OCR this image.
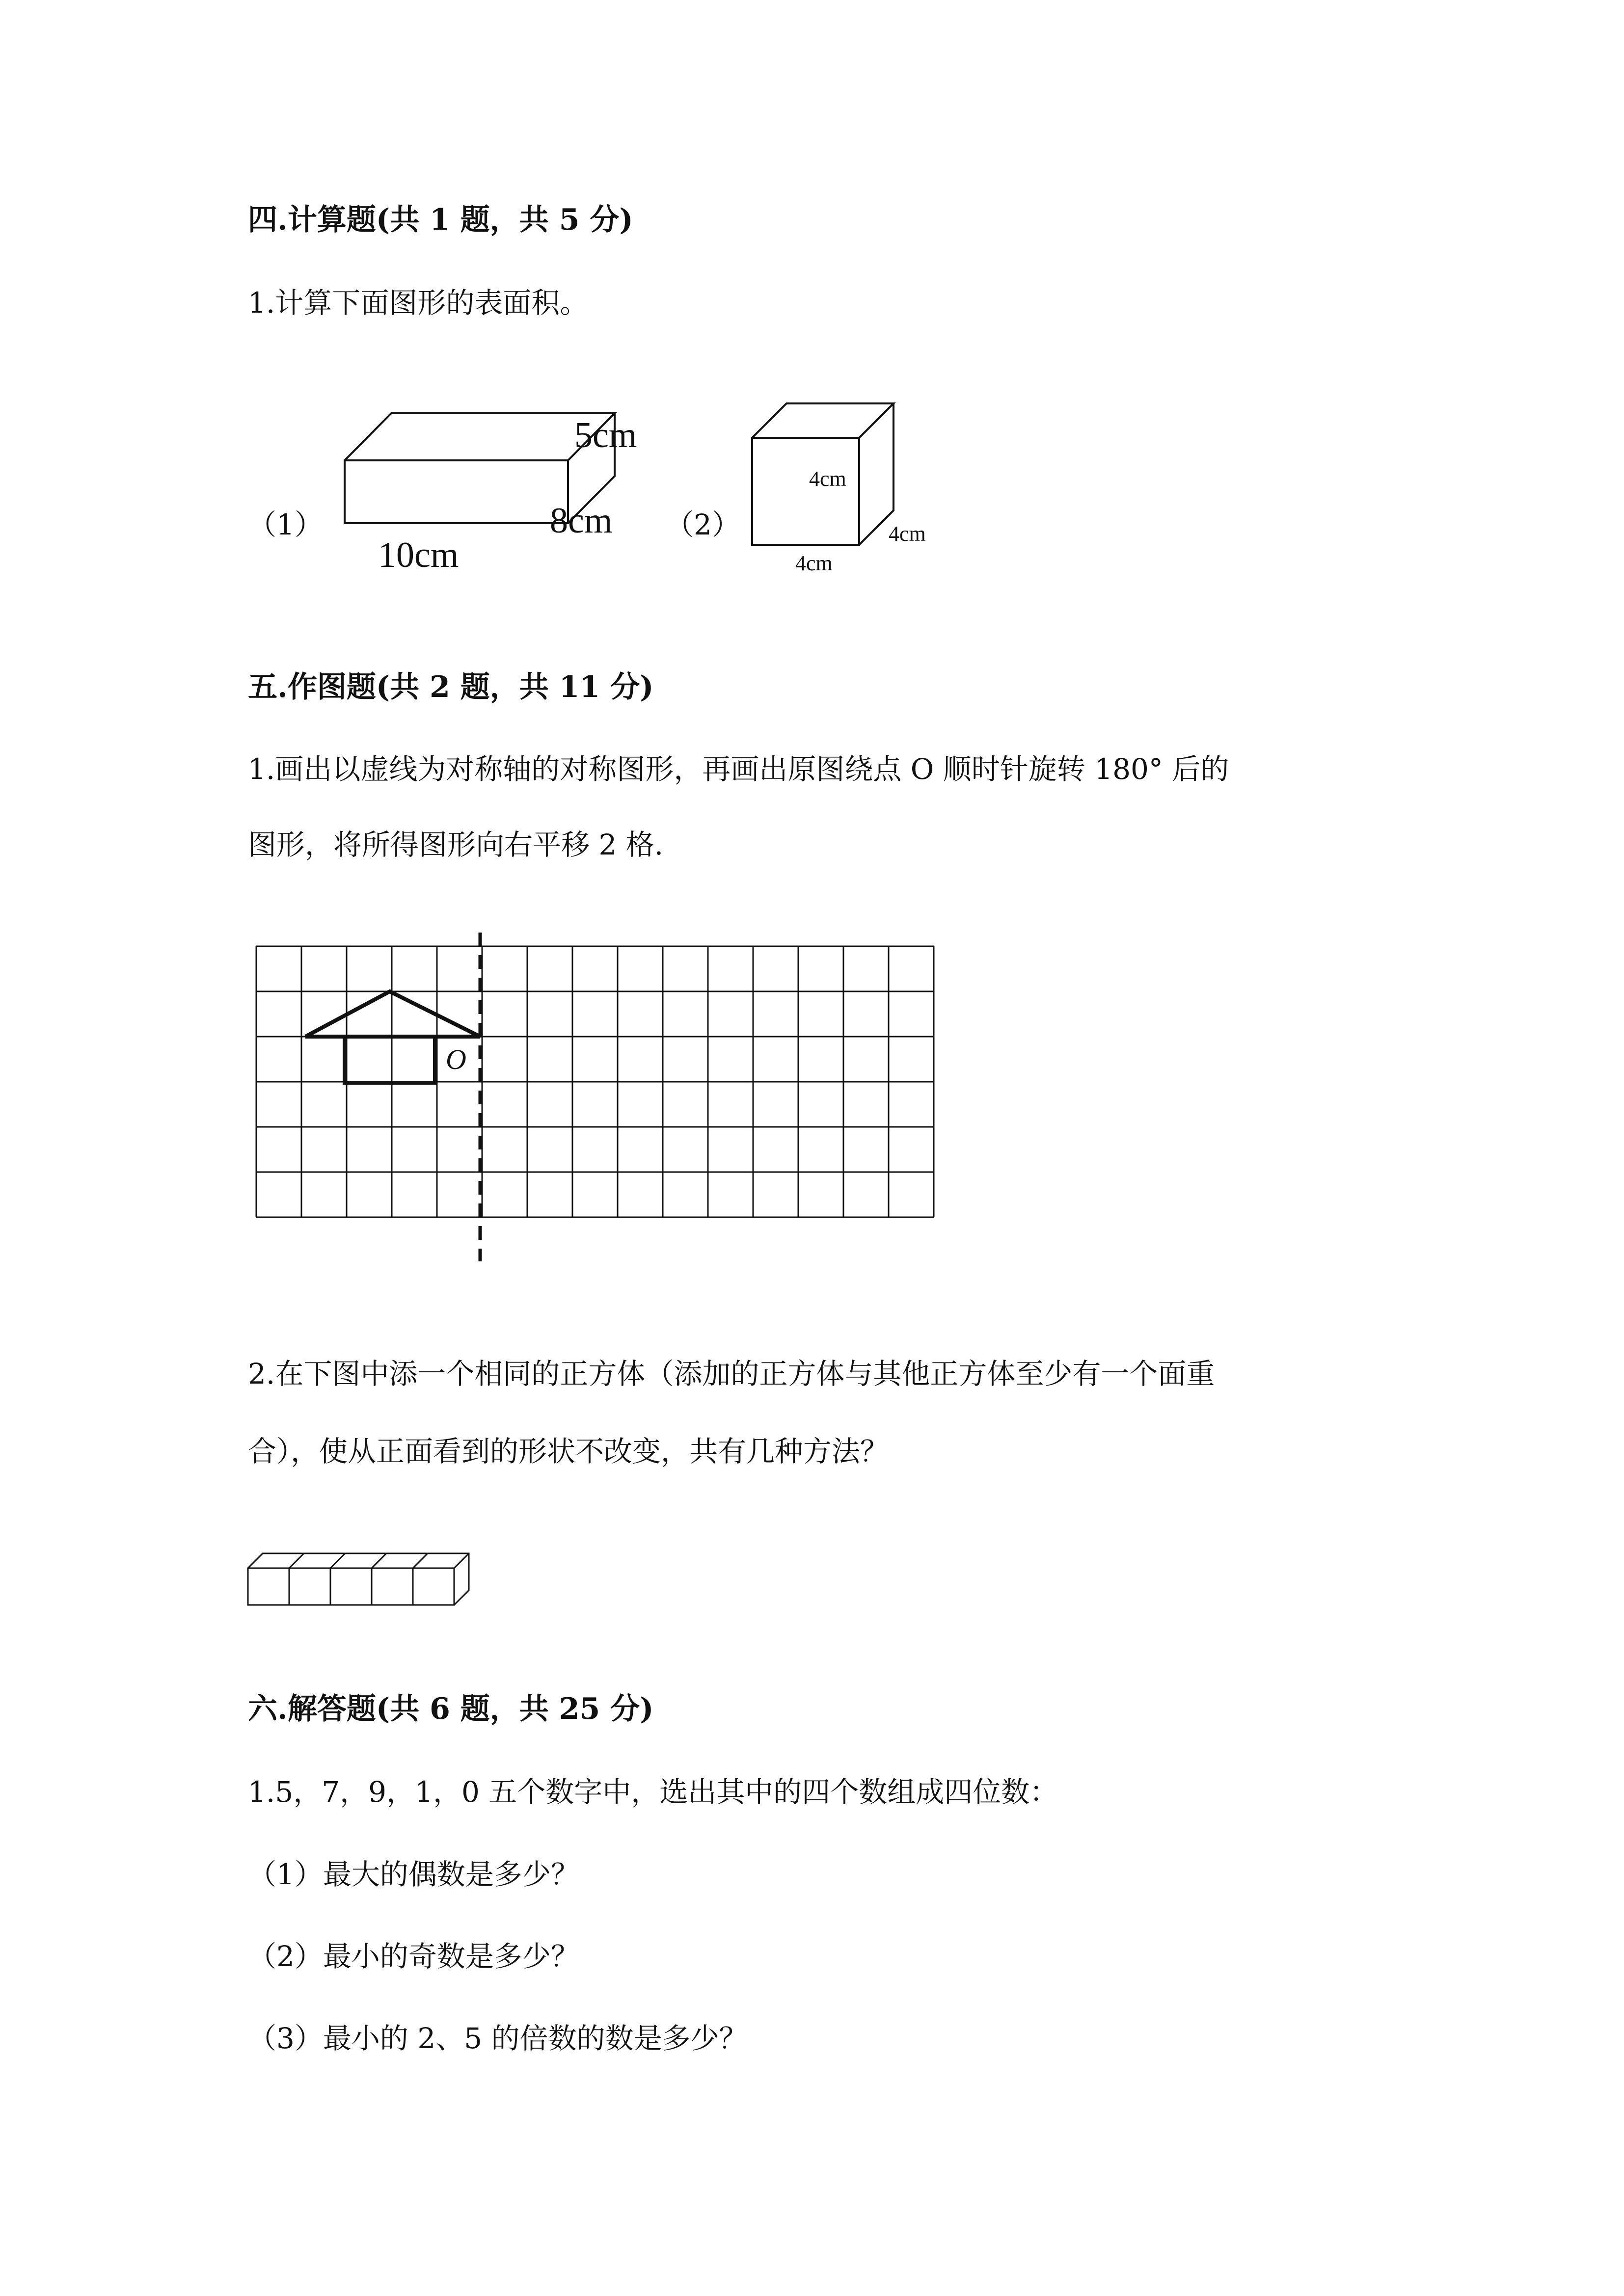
四.计算题(共 1 题，共 5 分)
1.计算下面图形的表面积。
（1）
5cm
8cm
10cm
（2）
4cm
4cm
4cm
五.作图题(共 2 题，共 11 分)
1.画出以虚线为对称轴的对称图形，再画出原图绕点 O 顺时针旋转 180° 后的
图形，将所得图形向右平移 2 格.
O
2.在下图中添一个相同的正方体（添加的正方体与其他正方体至少有一个面重
合），使从正面看到的形状不改变，共有几种方法？
六.解答题(共 6 题，共 25 分)
1.5，7，9，1，0 五个数字中，选出其中的四个数组成四位数：
（1）最大的偶数是多少？
（2）最小的奇数是多少？
（3）最小的 2、5 的倍数的数是多少？
